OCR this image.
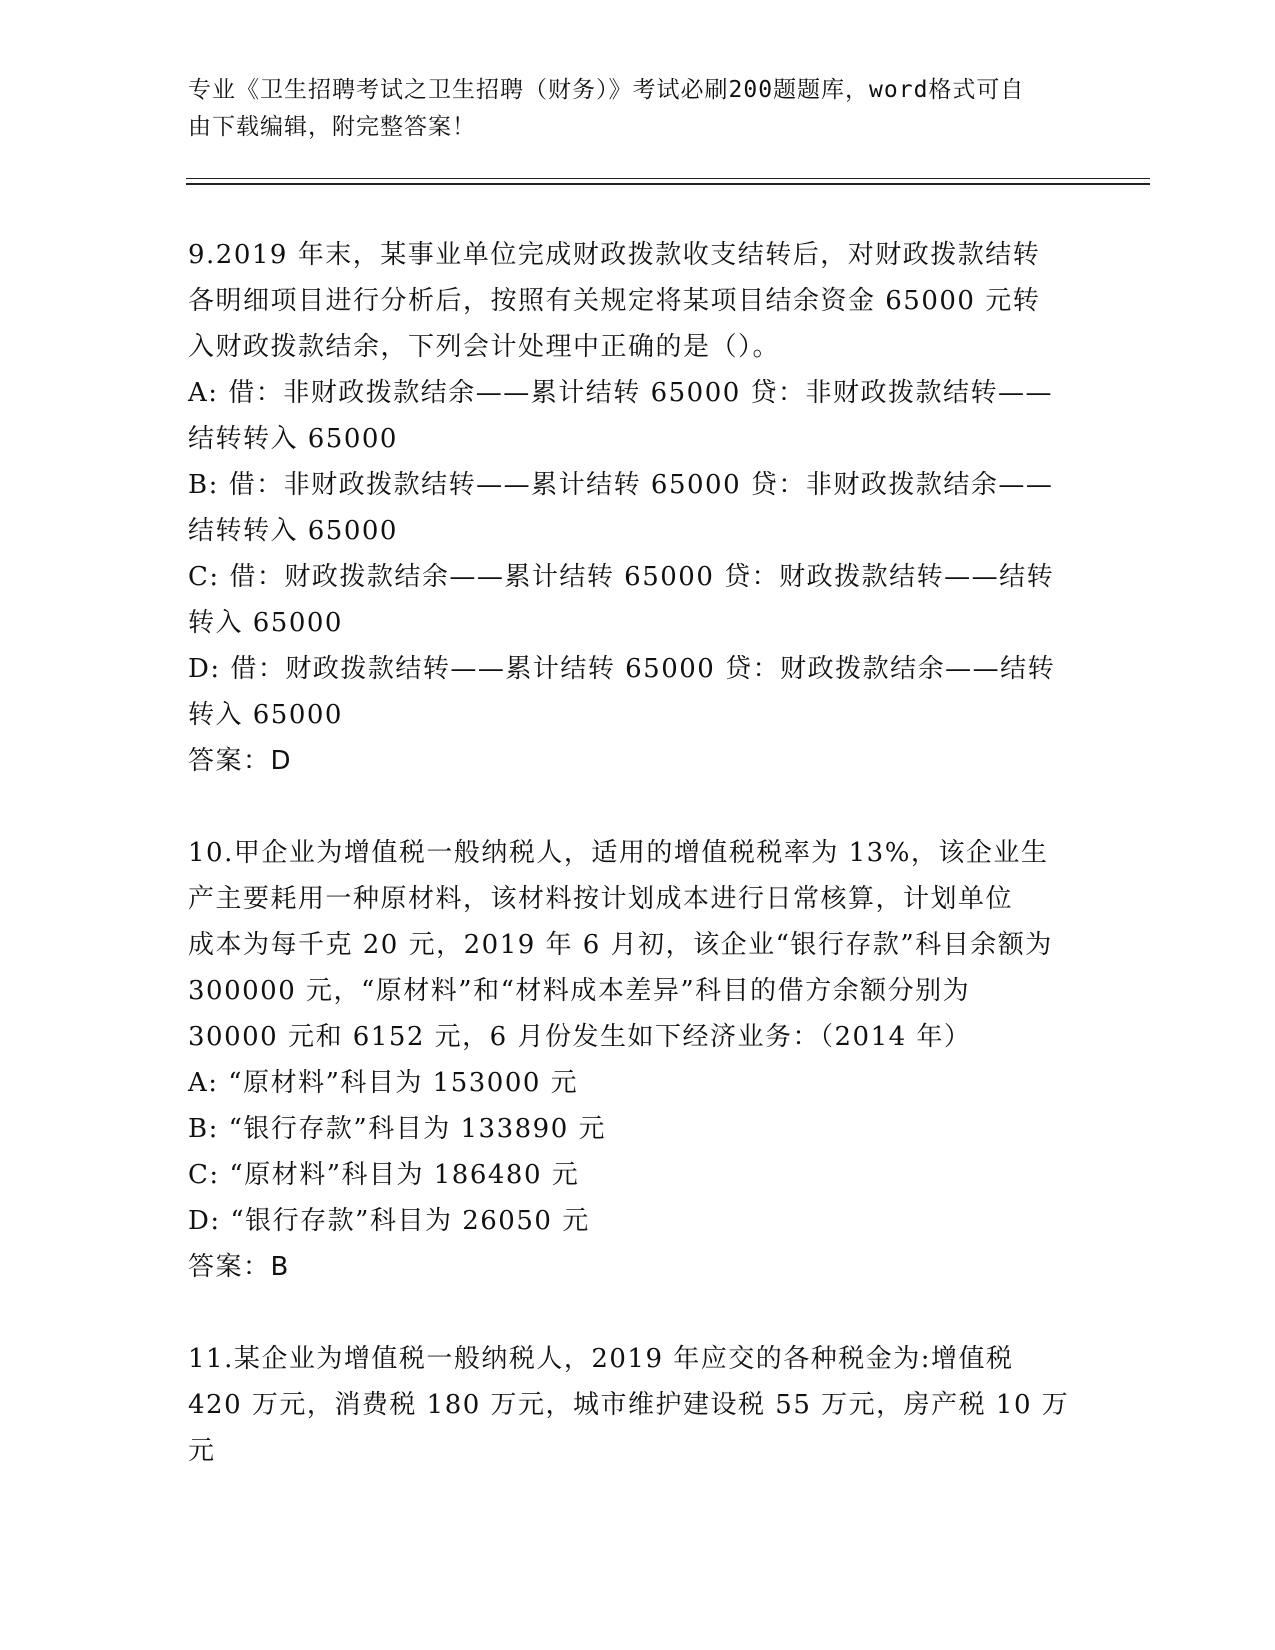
专业《卫生招聘考试之卫生招聘（财务）》考试必刷200题题库，word格式可自
由下载编辑，附完整答案！
9.2019 年末，某事业单位完成财政拨款收支结转后，对财政拨款结转
各明细项目进行分析后，按照有关规定将某项目结余资金 65000 元转
入财政拨款结余，下列会计处理中正确的是（）。
A: 借：非财政拨款结余——累计结转 65000 贷：非财政拨款结转——
结转转入 65000
B: 借：非财政拨款结转——累计结转 65000 贷：非财政拨款结余——
结转转入 65000
C: 借：财政拨款结余——累计结转 65000 贷：财政拨款结转——结转
转入 65000
D: 借：财政拨款结转——累计结转 65000 贷：财政拨款结余——结转
转入 65000
答案：D
10.甲企业为增值税一般纳税人，适用的增值税税率为 13%，该企业生
产主要耗用一种原材料，该材料按计划成本进行日常核算，计划单位
成本为每千克 20 元，2019 年 6 月初，该企业“银行存款”科目余额为
300000 元，“原材料”和“材料成本差异”科目的借方余额分别为
30000 元和 6152 元，6 月份发生如下经济业务：（2014 年）
A: “原材料”科目为 153000 元
B: “银行存款”科目为 133890 元
C: “原材料”科目为 186480 元
D: “银行存款”科目为 26050 元
答案：B
11.某企业为增值税一般纳税人，2019 年应交的各种税金为:增值税
420 万元，消费税 180 万元，城市维护建设税 55 万元，房产税 10 万元
